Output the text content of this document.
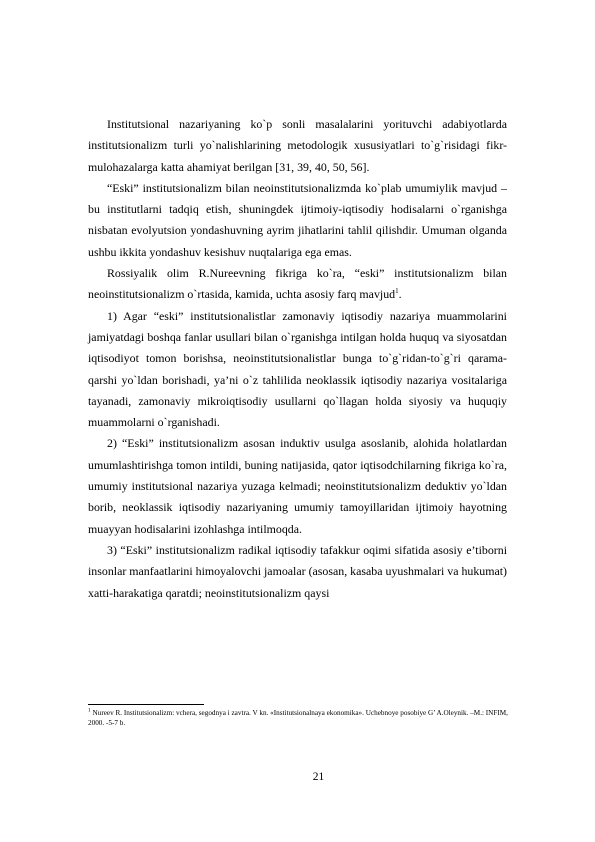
Institutsional nazariyaning ko`p sonli masalalarini yorituvchi adabiyotlarda institutsionalizm turli yo`nalishlarining metodologik xususiyatlari to`g`risidagi fikr-mulohazalarga katta ahamiyat berilgan [31, 39, 40, 50, 56].

“Eski” institutsionalizm bilan neoinstitutsionalizmda ko`plab umumiylik mavjud – bu institutlarni tadqiq etish, shuningdek ijtimoiy-iqtisodiy hodisalarni o`rganishga nisbatan evolyutsion yondashuvning ayrim jihatlarini tahlil qilishdir. Umuman olganda ushbu ikkita yondashuv kesishuv nuqtalariga ega emas.

Rossiyalik olim R.Nureevning fikriga ko`ra, “eski” institutsionalizm bilan neoinstitutsionalizm o`rtasida, kamida, uchta asosiy farq mavjud$^1$.

1) Agar “eski” institutsionalistlar zamonaviy iqtisodiy nazariya muammolarini jamiyatdagi boshqa fanlar usullari bilan o`rganishga intilgan holda huquq va siyosatdan iqtisodiyot tomon borishsa, neoinstitutsionalistlar bunga to`g`ridan-to`g`ri qarama-qarshi yo`ldan borishadi, ya’ni o`z tahlilida neoklassik iqtisodiy nazariya vositalariga tayanadi, zamonaviy mikroiqtisodiy usullarni qo`llagan holda siyosiy va huquqiy muammolarni o`rganishadi.

2) “Eski” institutsionalizm asosan induktiv usulga asoslanib, alohida holatlardan umumlashtirishga tomon intildi, buning natijasida, qator iqtisodchilarning fikriga ko`ra, umumiy institutsional nazariya yuzaga kelmadi; neoinstitutsionalizm deduktiv yo`ldan borib, neoklassik iqtisodiy nazariyaning umumiy tamoyillaridan ijtimoiy hayotning muayyan hodisalarini izohlashga intilmoqda.

3) “Eski” institutsionalizm radikal iqtisodiy tafakkur oqimi sifatida asosiy e’tiborni insonlar manfaatlarini himoyalovchi jamoalar (asosan, kasaba uyushmalari va hukumat) xatti-harakatiga qaratdi; neoinstitutsionalizm qaysi

$^1$ Nureev R. Institutsionalizm: vchera, segodnya i zavtra. V kn. «Institutsionalnaya ekonomika». Uchebnoye posobiye G’ A.Oleynik. –M.: INFIM, 2000. -5-7 b.

21
